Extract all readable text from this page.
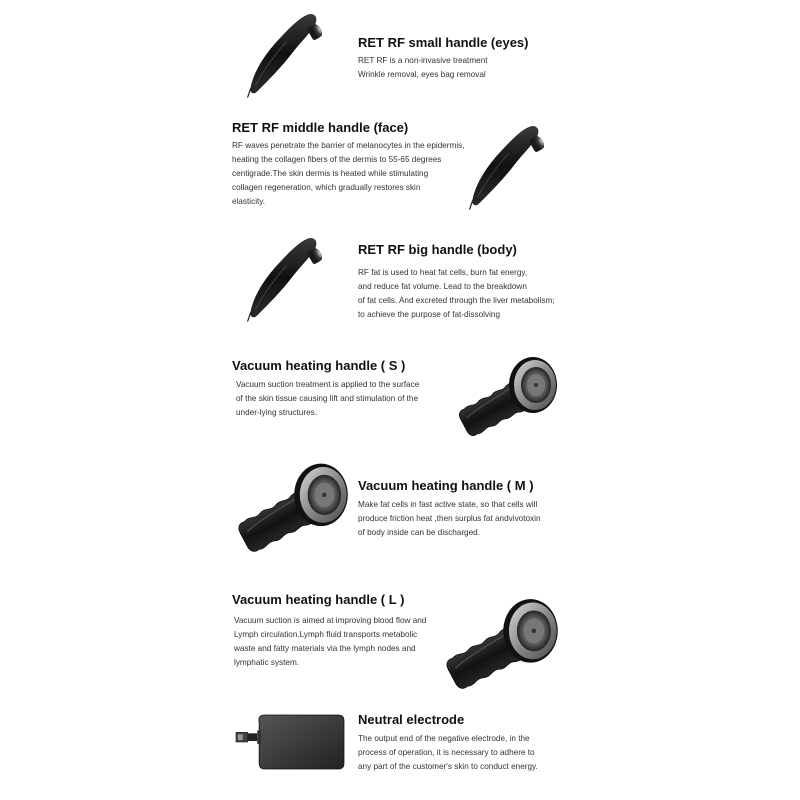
RET RF small handle (eyes)
RET RF is a non-invasive treatment
Wrinkle removal, eyes bag removal
RET RF middle handle (face)
RF waves penetrate the barrier of melanocytes in the epidermis,
heating the collagen fibers of the dermis to 55-65 degrees
centigrade.The skin dermis is heated while stimulating
collagen regeneration, which gradually restores skin
elasticity.
RET RF big handle (body)
RF fat is used to heat fat cells, burn fat energy,
and reduce fat volume. Lead to the breakdown
of fat cells. And excreted through the liver metabolism;
to achieve the purpose of fat-dissolving
Vacuum heating handle ( S )
Vacuum suction treatment is applied to the surface
of the skin tissue causing lift and stimulation of the
under-lying structures.
Vacuum heating handle ( M )
Make fat cells in fast active state, so that cells will
produce friction heat ,then surplus fat andvivotoxin
of body inside can be discharged.
Vacuum heating handle ( L )
Vacuum suction is aimed at improving blood flow and
Lymph circulation.Lymph fluid transports metabolic
waste and fatty materials via the lymph nodes and
lymphatic system.
Neutral electrode
The output end of the negative electrode, in the
process of operation, it is necessary to adhere to
any part of the customer's skin to conduct energy.
